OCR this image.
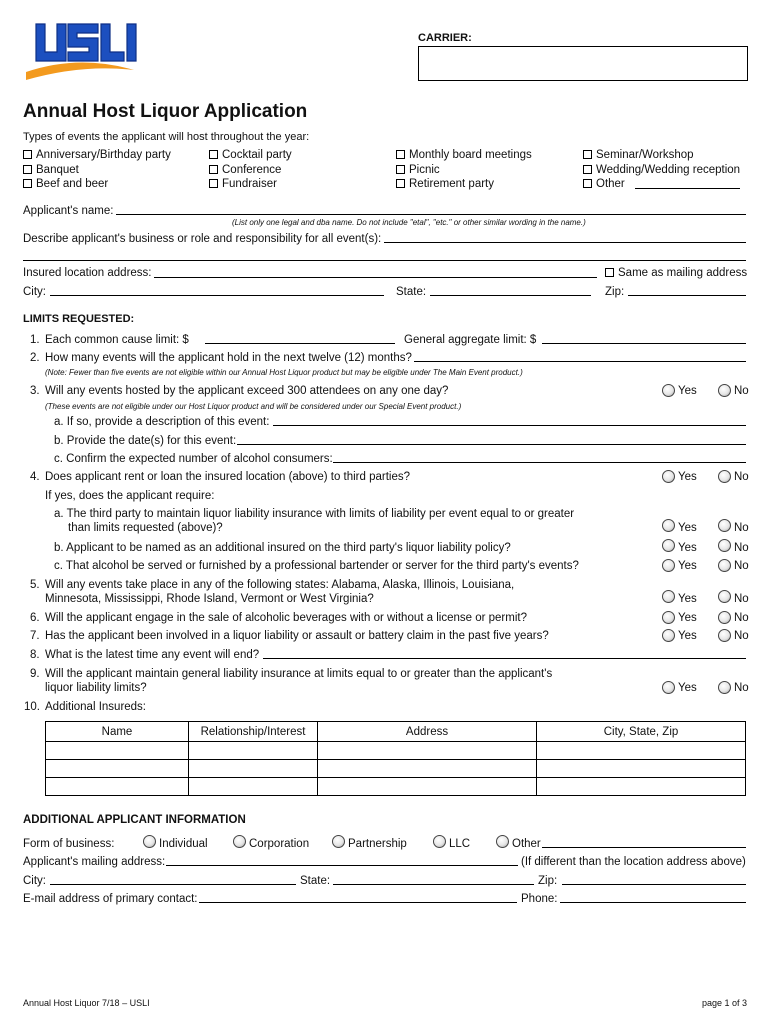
CARRIER:
Annual Host Liquor Application
Types of events the applicant will host throughout the year:
Anniversary/Birthday party
Banquet
Beef and beer
Cocktail party
Conference
Fundraiser
Monthly board meetings
Picnic
Retirement party
Seminar/Workshop
Wedding/Wedding reception
Other
Applicant's name:
(List only one legal and dba name. Do not include "etal", "etc." or other similar wording in the name.)
Describe applicant's business or role and responsibility for all event(s):
Insured location address:	Same as mailing address
City:	State:	Zip:
LIMITS REQUESTED:
1. Each common cause limit: $	General aggregate limit: $
2. How many events will the applicant hold in the next twelve (12) months?
(Note: Fewer than five events are not eligible within our Annual Host Liquor product but may be eligible under The Main Event product.)
3. Will any events hosted by the applicant exceed 300 attendees on any one day?
(These events are not eligible under our Host Liquor product and will be considered under our Special Event product.)
a. If so, provide a description of this event:
b. Provide the date(s) for this event:
c. Confirm the expected number of alcohol consumers:
4. Does applicant rent or loan the insured location (above) to third parties?
If yes, does the applicant require:
a. The third party to maintain liquor liability insurance with limits of liability per event equal to or greater
than limits requested (above)?
b. Applicant to be named as an additional insured on the third party's liquor liability policy?
c. That alcohol be served or furnished by a professional bartender or server for the third party's events?
5. Will any events take place in any of the following states: Alabama, Alaska, Illinois, Louisiana,
Minnesota, Mississippi, Rhode Island, Vermont or West Virginia?
6. Will the applicant engage in the sale of alcoholic beverages with or without a license or permit?
7. Has the applicant been involved in a liquor liability or assault or battery claim in the past five years?
8. What is the latest time any event will end?
9. Will the applicant maintain general liability insurance at limits equal to or greater than the applicant's
liquor liability limits?
10. Additional Insureds:
Yes	No
Yes	No
Yes	No
Yes	No
Yes	No
Yes	No
Yes	No
Yes	No
Yes	No
Name	Relationship/Interest	Address	City, State, Zip

ADDITIONAL APPLICANT INFORMATION
Form of business:	Individual	Corporation	Partnership	LLC	Other
Applicant's mailing address:	(If different than the location address above)
City:	State:	Zip:
E-mail address of primary contact:	Phone:
Annual Host Liquor 7/18 – USLI	page 1 of 3
